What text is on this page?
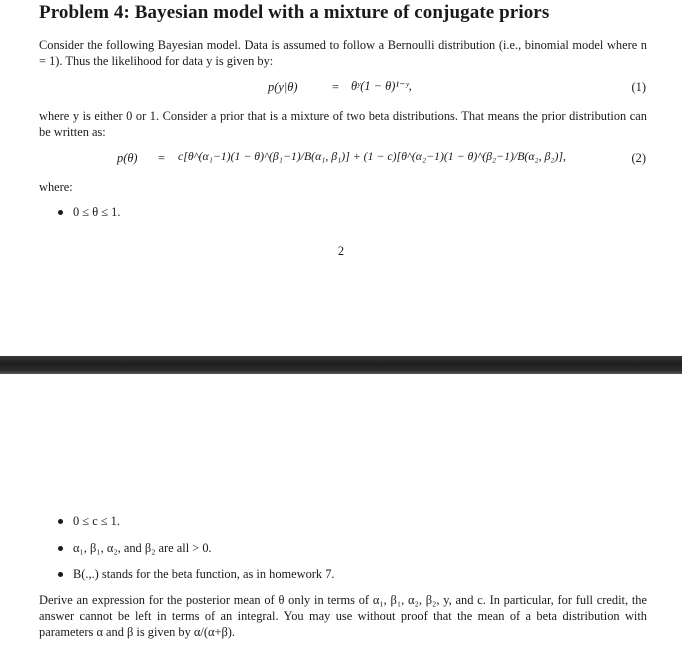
Problem 4: Bayesian model with a mixture of conjugate priors

Consider the following Bayesian model. Data is assumed to follow a Bernoulli distribution (i.e., binomial model where n = 1). Thus the likelihood for data y is given by:

p(y|θ)	= θʸ(1 − θ)¹⁻ʸ,	(1)

where y is either 0 or 1. Consider a prior that is a mixture of two beta distributions. That means the prior distribution can be written as:

p(θ) = c[θ^(α₁−1)(1 − θ)^(β₁−1)/B(α₁, β₁)] + (1 − c)[θ^(α₂−1)(1 − θ)^(β₂−1)/B(α₂, β₂)],	(2)
where:
0 ≤ θ ≤ 1.
2
0 ≤ c ≤ 1.
α₁, β₁, α₂, and β₂ are all > 0.
B(.,.) stands for the beta function, as in homework 7.

Derive an expression for the posterior mean of θ only in terms of α₁, β₁, α₂, β₂, y, and c. In particular, for full credit, the answer cannot be left in terms of an integral. You may use without proof that the mean of a beta distribution with parameters α and β is given by α/(α+β).
